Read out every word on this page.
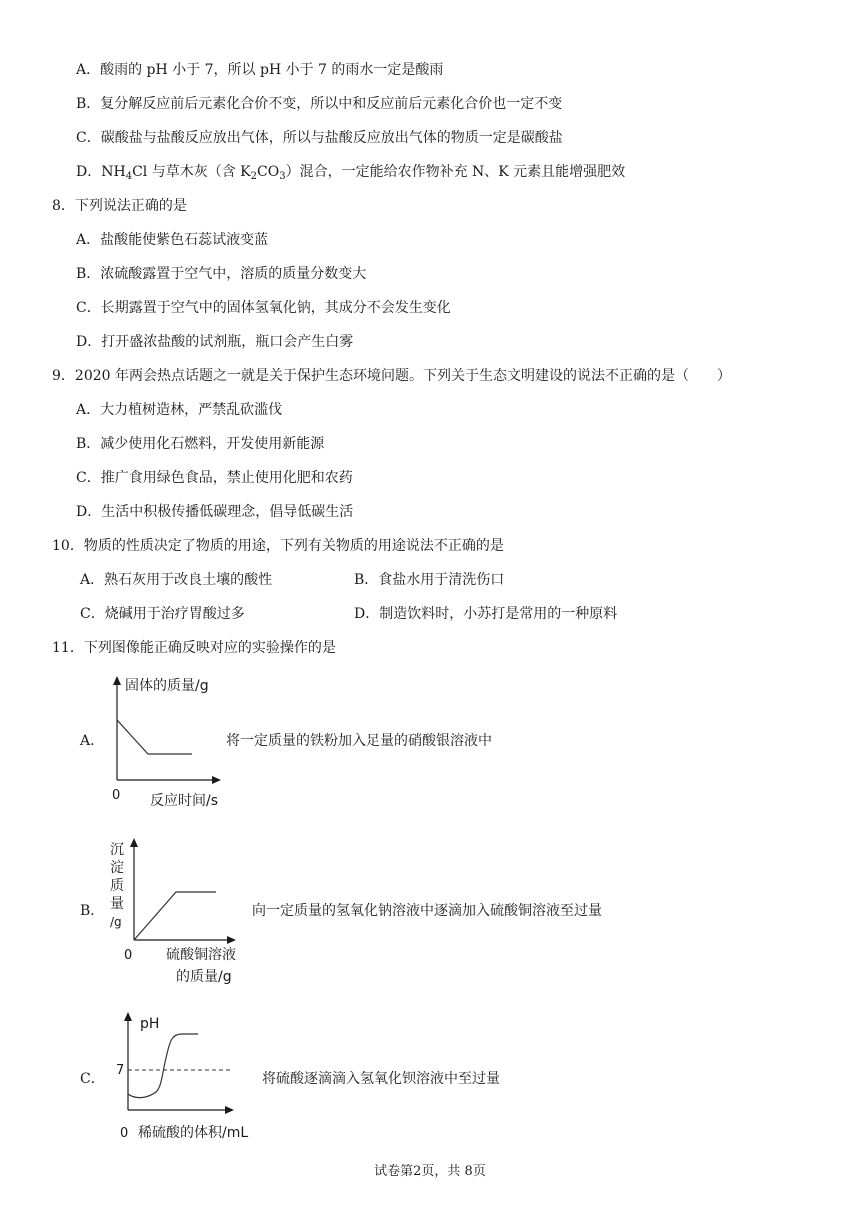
A．酸雨的 pH 小于 7，所以 pH 小于 7 的雨水一定是酸雨
B．复分解反应前后元素化合价不变，所以中和反应前后元素化合价也一定不变
C．碳酸盐与盐酸反应放出气体，所以与盐酸反应放出气体的物质一定是碳酸盐
D．$NH_4Cl$ 与草木灰（含 $K_2CO_3$）混合，一定能给农作物补充 N、K 元素且能增强肥效
8．下列说法正确的是
A．盐酸能使紫色石蕊试液变蓝
B．浓硫酸露置于空气中，溶质的质量分数变大
C．长期露置于空气中的固体氢氧化钠，其成分不会发生变化
D．打开盛浓盐酸的试剂瓶，瓶口会产生白雾
9．2020 年两会热点话题之一就是关于保护生态环境问题。下列关于生态文明建设的说法不正确的是（　　）
A．大力植树造林，严禁乱砍滥伐
B．减少使用化石燃料，开发使用新能源
C．推广食用绿色食品，禁止使用化肥和农药
D．生活中积极传播低碳理念，倡导低碳生活
10．物质的性质决定了物质的用途，下列有关物质的用途说法不正确的是
A．熟石灰用于改良土壤的酸性	B．食盐水用于清洗伤口
C．烧碱用于治疗胃酸过多	D．制造饮料时，小苏打是常用的一种原料
11．下列图像能正确反映对应的实验操作的是
A．
固体的质量/g
0 反应时间/s
将一定质量的铁粉加入足量的硝酸银溶液中
B．
沉
淀
质
量
/g
0 硫酸铜溶液
的质量/g
向一定质量的氢氧化钠溶液中逐滴加入硫酸铜溶液至过量
C．
pH
7
0 稀硫酸的体积/mL
将硫酸逐滴滴入氢氧化钡溶液中至过量
试卷第2页，共 8页
